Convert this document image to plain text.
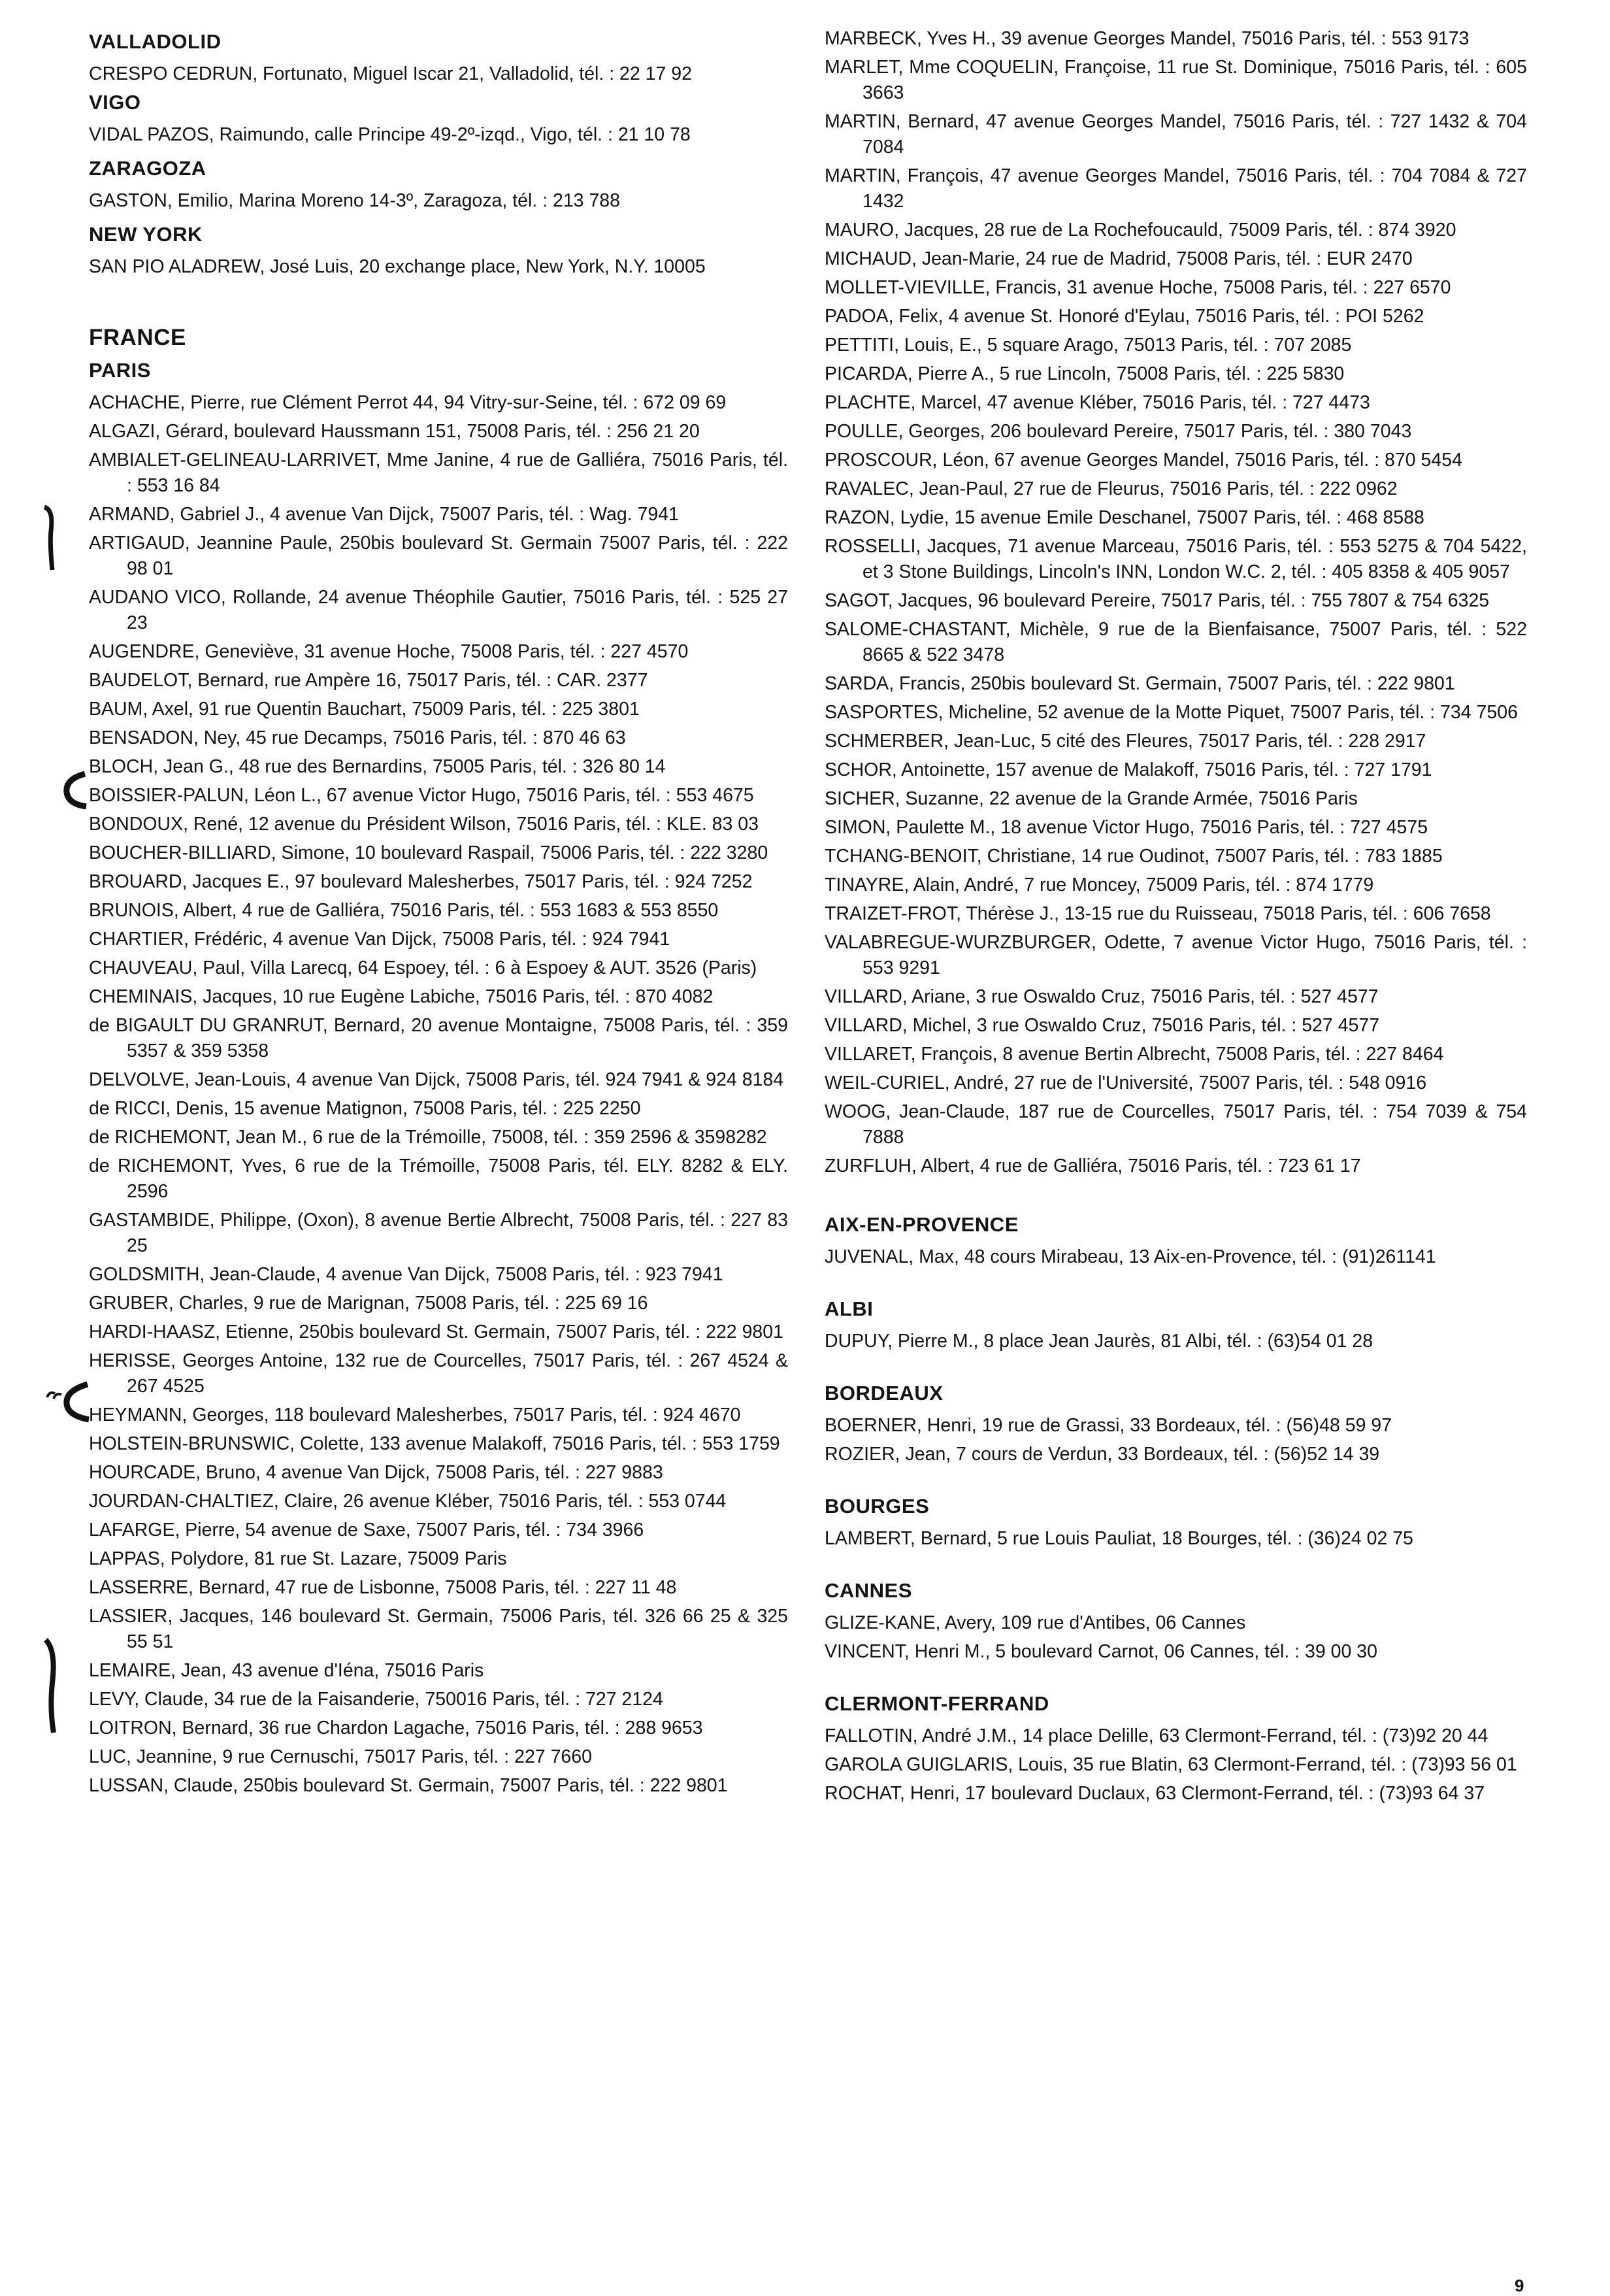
VALLADOLID
CRESPO CEDRUN, Fortunato, Miguel Iscar 21, Valladolid, tél. : 22 17 92
VIGO
VIDAL PAZOS, Raimundo, calle Principe 49-2º-izqd., Vigo, tél. : 21 10 78
ZARAGOZA
GASTON, Emilio, Marina Moreno 14-3º, Zaragoza, tél. : 213 788
NEW YORK
SAN PIO ALADREW, José Luis, 20 exchange place, New York, N.Y. 10005
FRANCE
PARIS
ACHACHE, Pierre, rue Clément Perrot 44, 94 Vitry-sur-Seine, tél. : 672 09 69
ALGAZI, Gérard, boulevard Haussmann 151, 75008 Paris, tél. : 256 21 20
AMBIALET-GELINEAU-LARRIVET, Mme Janine, 4 rue de Galliéra, 75016 Paris, tél. : 553 16 84
ARMAND, Gabriel J., 4 avenue Van Dijck, 75007 Paris, tél. : Wag. 7941
ARTIGAUD, Jeannine Paule, 250bis boulevard St. Germain 75007 Paris, tél. : 222 98 01
AUDANO VICO, Rollande, 24 avenue Théophile Gautier, 75016 Paris, tél. : 525 27 23
AUGENDRE, Geneviève, 31 avenue Hoche, 75008 Paris, tél. : 227 4570
BAUDELOT, Bernard, rue Ampère 16, 75017 Paris, tél. : CAR. 2377
BAUM, Axel, 91 rue Quentin Bauchart, 75009 Paris, tél. : 225 3801
BENSADON, Ney, 45 rue Decamps, 75016 Paris, tél. : 870 46 63
BLOCH, Jean G., 48 rue des Bernardins, 75005 Paris, tél. : 326 80 14
BOISSIER-PALUN, Léon L., 67 avenue Victor Hugo, 75016 Paris, tél. : 553 4675
BONDOUX, René, 12 avenue du Président Wilson, 75016 Paris, tél. : KLE. 83 03
BOUCHER-BILLIARD, Simone, 10 boulevard Raspail, 75006 Paris, tél. : 222 3280
BROUARD, Jacques E., 97 boulevard Malesherbes, 75017 Paris, tél. : 924 7252
BRUNOIS, Albert, 4 rue de Galliéra, 75016 Paris, tél. : 553 1683 & 553 8550
CHARTIER, Frédéric, 4 avenue Van Dijck, 75008 Paris, tél. : 924 7941
CHAUVEAU, Paul, Villa Larecq, 64 Espoey, tél. : 6 à Espoey & AUT. 3526 (Paris)
CHEMINAIS, Jacques, 10 rue Eugène Labiche, 75016 Paris, tél. : 870 4082
de BIGAULT DU GRANRUT, Bernard, 20 avenue Montaigne, 75008 Paris, tél. : 359 5357 & 359 5358
DELVOLVE, Jean-Louis, 4 avenue Van Dijck, 75008 Paris, tél. 924 7941 & 924 8184
de RICCI, Denis, 15 avenue Matignon, 75008 Paris, tél. : 225 2250
de RICHEMONT, Jean M., 6 rue de la Trémoille, 75008, tél. : 359 2596 & 3598282
de RICHEMONT, Yves, 6 rue de la Trémoille, 75008 Paris, tél. ELY. 8282 & ELY. 2596
GASTAMBIDE, Philippe, (Oxon), 8 avenue Bertie Albrecht, 75008 Paris, tél. : 227 83 25
GOLDSMITH, Jean-Claude, 4 avenue Van Dijck, 75008 Paris, tél. : 923 7941
GRUBER, Charles, 9 rue de Marignan, 75008 Paris, tél. : 225 69 16
HARDI-HAASZ, Etienne, 250bis boulevard St. Germain, 75007 Paris, tél. : 222 9801
HERISSE, Georges Antoine, 132 rue de Courcelles, 75017 Paris, tél. : 267 4524 & 267 4525
HEYMANN, Georges, 118 boulevard Malesherbes, 75017 Paris, tél. : 924 4670
HOLSTEIN-BRUNSWIC, Colette, 133 avenue Malakoff, 75016 Paris, tél. : 553 1759
HOURCADE, Bruno, 4 avenue Van Dijck, 75008 Paris, tél. : 227 9883
JOURDAN-CHALTIEZ, Claire, 26 avenue Kléber, 75016 Paris, tél. : 553 0744
LAFARGE, Pierre, 54 avenue de Saxe, 75007 Paris, tél. : 734 3966
LAPPAS, Polydore, 81 rue St. Lazare, 75009 Paris
LASSERRE, Bernard, 47 rue de Lisbonne, 75008 Paris, tél. : 227 11 48
LASSIER, Jacques, 146 boulevard St. Germain, 75006 Paris, tél. 326 66 25 & 325 55 51
LEMAIRE, Jean, 43 avenue d'Iéna, 75016 Paris
LEVY, Claude, 34 rue de la Faisanderie, 750016 Paris, tél. : 727 2124
LOITRON, Bernard, 36 rue Chardon Lagache, 75016 Paris, tél. : 288 9653
LUC, Jeannine, 9 rue Cernuschi, 75017 Paris, tél. : 227 7660
LUSSAN, Claude, 250bis boulevard St. Germain, 75007 Paris, tél. : 222 9801
MARBECK, Yves H., 39 avenue Georges Mandel, 75016 Paris, tél. : 553 9173
MARLET, Mme COQUELIN, Françoise, 11 rue St. Dominique, 75016 Paris, tél. : 605 3663
MARTIN, Bernard, 47 avenue Georges Mandel, 75016 Paris, tél. : 727 1432 & 704 7084
MARTIN, François, 47 avenue Georges Mandel, 75016 Paris, tél. : 704 7084 & 727 1432
MAURO, Jacques, 28 rue de La Rochefoucauld, 75009 Paris, tél. : 874 3920
MICHAUD, Jean-Marie, 24 rue de Madrid, 75008 Paris, tél. : EUR 2470
MOLLET-VIEVILLE, Francis, 31 avenue Hoche, 75008 Paris, tél. : 227 6570
PADOA, Felix, 4 avenue St. Honoré d'Eylau, 75016 Paris, tél. : POI 5262
PETTITI, Louis, E., 5 square Arago, 75013 Paris, tél. : 707 2085
PICARDA, Pierre A., 5 rue Lincoln, 75008 Paris, tél. : 225 5830
PLACHTE, Marcel, 47 avenue Kléber, 75016 Paris, tél. : 727 4473
POULLE, Georges, 206 boulevard Pereire, 75017 Paris, tél. : 380 7043
PROSCOUR, Léon, 67 avenue Georges Mandel, 75016 Paris, tél. : 870 5454
RAVALEC, Jean-Paul, 27 rue de Fleurus, 75016 Paris, tél. : 222 0962
RAZON, Lydie, 15 avenue Emile Deschanel, 75007 Paris, tél. : 468 8588
ROSSELLI, Jacques, 71 avenue Marceau, 75016 Paris, tél. : 553 5275 & 704 5422, et 3 Stone Buildings, Lincoln's INN, London W.C. 2, tél. : 405 8358 & 405 9057
SAGOT, Jacques, 96 boulevard Pereire, 75017 Paris, tél. : 755 7807 & 754 6325
SALOME-CHASTANT, Michèle, 9 rue de la Bienfaisance, 75007 Paris, tél. : 522 8665 & 522 3478
SARDA, Francis, 250bis boulevard St. Germain, 75007 Paris, tél. : 222 9801
SASPORTES, Micheline, 52 avenue de la Motte Piquet, 75007 Paris, tél. : 734 7506
SCHMERBER, Jean-Luc, 5 cité des Fleures, 75017 Paris, tél. : 228 2917
SCHOR, Antoinette, 157 avenue de Malakoff, 75016 Paris, tél. : 727 1791
SICHER, Suzanne, 22 avenue de la Grande Armée, 75016 Paris
SIMON, Paulette M., 18 avenue Victor Hugo, 75016 Paris, tél. : 727 4575
TCHANG-BENOIT, Christiane, 14 rue Oudinot, 75007 Paris, tél. : 783 1885
TINAYRE, Alain, André, 7 rue Moncey, 75009 Paris, tél. : 874 1779
TRAIZET-FROT, Thérèse J., 13-15 rue du Ruisseau, 75018 Paris, tél. : 606 7658
VALABREGUE-WURZBURGER, Odette, 7 avenue Victor Hugo, 75016 Paris, tél. : 553 9291
VILLARD, Ariane, 3 rue Oswaldo Cruz, 75016 Paris, tél. : 527 4577
VILLARD, Michel, 3 rue Oswaldo Cruz, 75016 Paris, tél. : 527 4577
VILLARET, François, 8 avenue Bertin Albrecht, 75008 Paris, tél. : 227 8464
WEIL-CURIEL, André, 27 rue de l'Université, 75007 Paris, tél. : 548 0916
WOOG, Jean-Claude, 187 rue de Courcelles, 75017 Paris, tél. : 754 7039 & 754 7888
ZURFLUH, Albert, 4 rue de Galliéra, 75016 Paris, tél. : 723 61 17
AIX-EN-PROVENCE
JUVENAL, Max, 48 cours Mirabeau, 13 Aix-en-Provence, tél. : (91)261141
ALBI
DUPUY, Pierre M., 8 place Jean Jaurès, 81 Albi, tél. : (63)54 01 28
BORDEAUX
BOERNER, Henri, 19 rue de Grassi, 33 Bordeaux, tél. : (56)48 59 97
ROZIER, Jean, 7 cours de Verdun, 33 Bordeaux, tél. : (56)52 14 39
BOURGES
LAMBERT, Bernard, 5 rue Louis Pauliat, 18 Bourges, tél. : (36)24 02 75
CANNES
GLIZE-KANE, Avery, 109 rue d'Antibes, 06 Cannes
VINCENT, Henri M., 5 boulevard Carnot, 06 Cannes, tél. : 39 00 30
CLERMONT-FERRAND
FALLOTIN, André J.M., 14 place Delille, 63 Clermont-Ferrand, tél. : (73)92 20 44
GAROLA GUIGLARIS, Louis, 35 rue Blatin, 63 Clermont-Ferrand, tél. : (73)93 56 01
ROCHAT, Henri, 17 boulevard Duclaux, 63 Clermont-Ferrand, tél. : (73)93 64 37
9
